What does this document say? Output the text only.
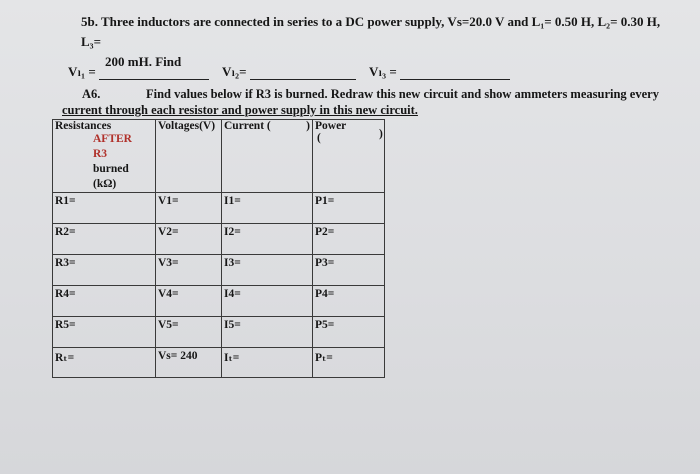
5b. Three inductors are connected in series to a DC power supply, Vs=20.0 V and L₁= 0.50 H, L₂= 0.30 H, L₃=
200 mH. Find
Vₗ₁ =	Vₗ₂=	Vₗ₃ =
A6.	Find values below if R3 is burned. Redraw this new circuit and show ammeters measuring every
current through each resistor and power supply in this new circuit.
Resistances
AFTER
R3
burned
(kΩ)	Voltages(V)	Current ( )	Power
( )

R1=	V1=	I1=	P1=

R2=	V2=	I2=	P2=

R3=	V3=	I3=	P3=

R4=	V4=	I4=	P4=

R5=	V5=	I5=	P5=

Rₜ=	Vs= 240	Iₜ=	Pₜ=
